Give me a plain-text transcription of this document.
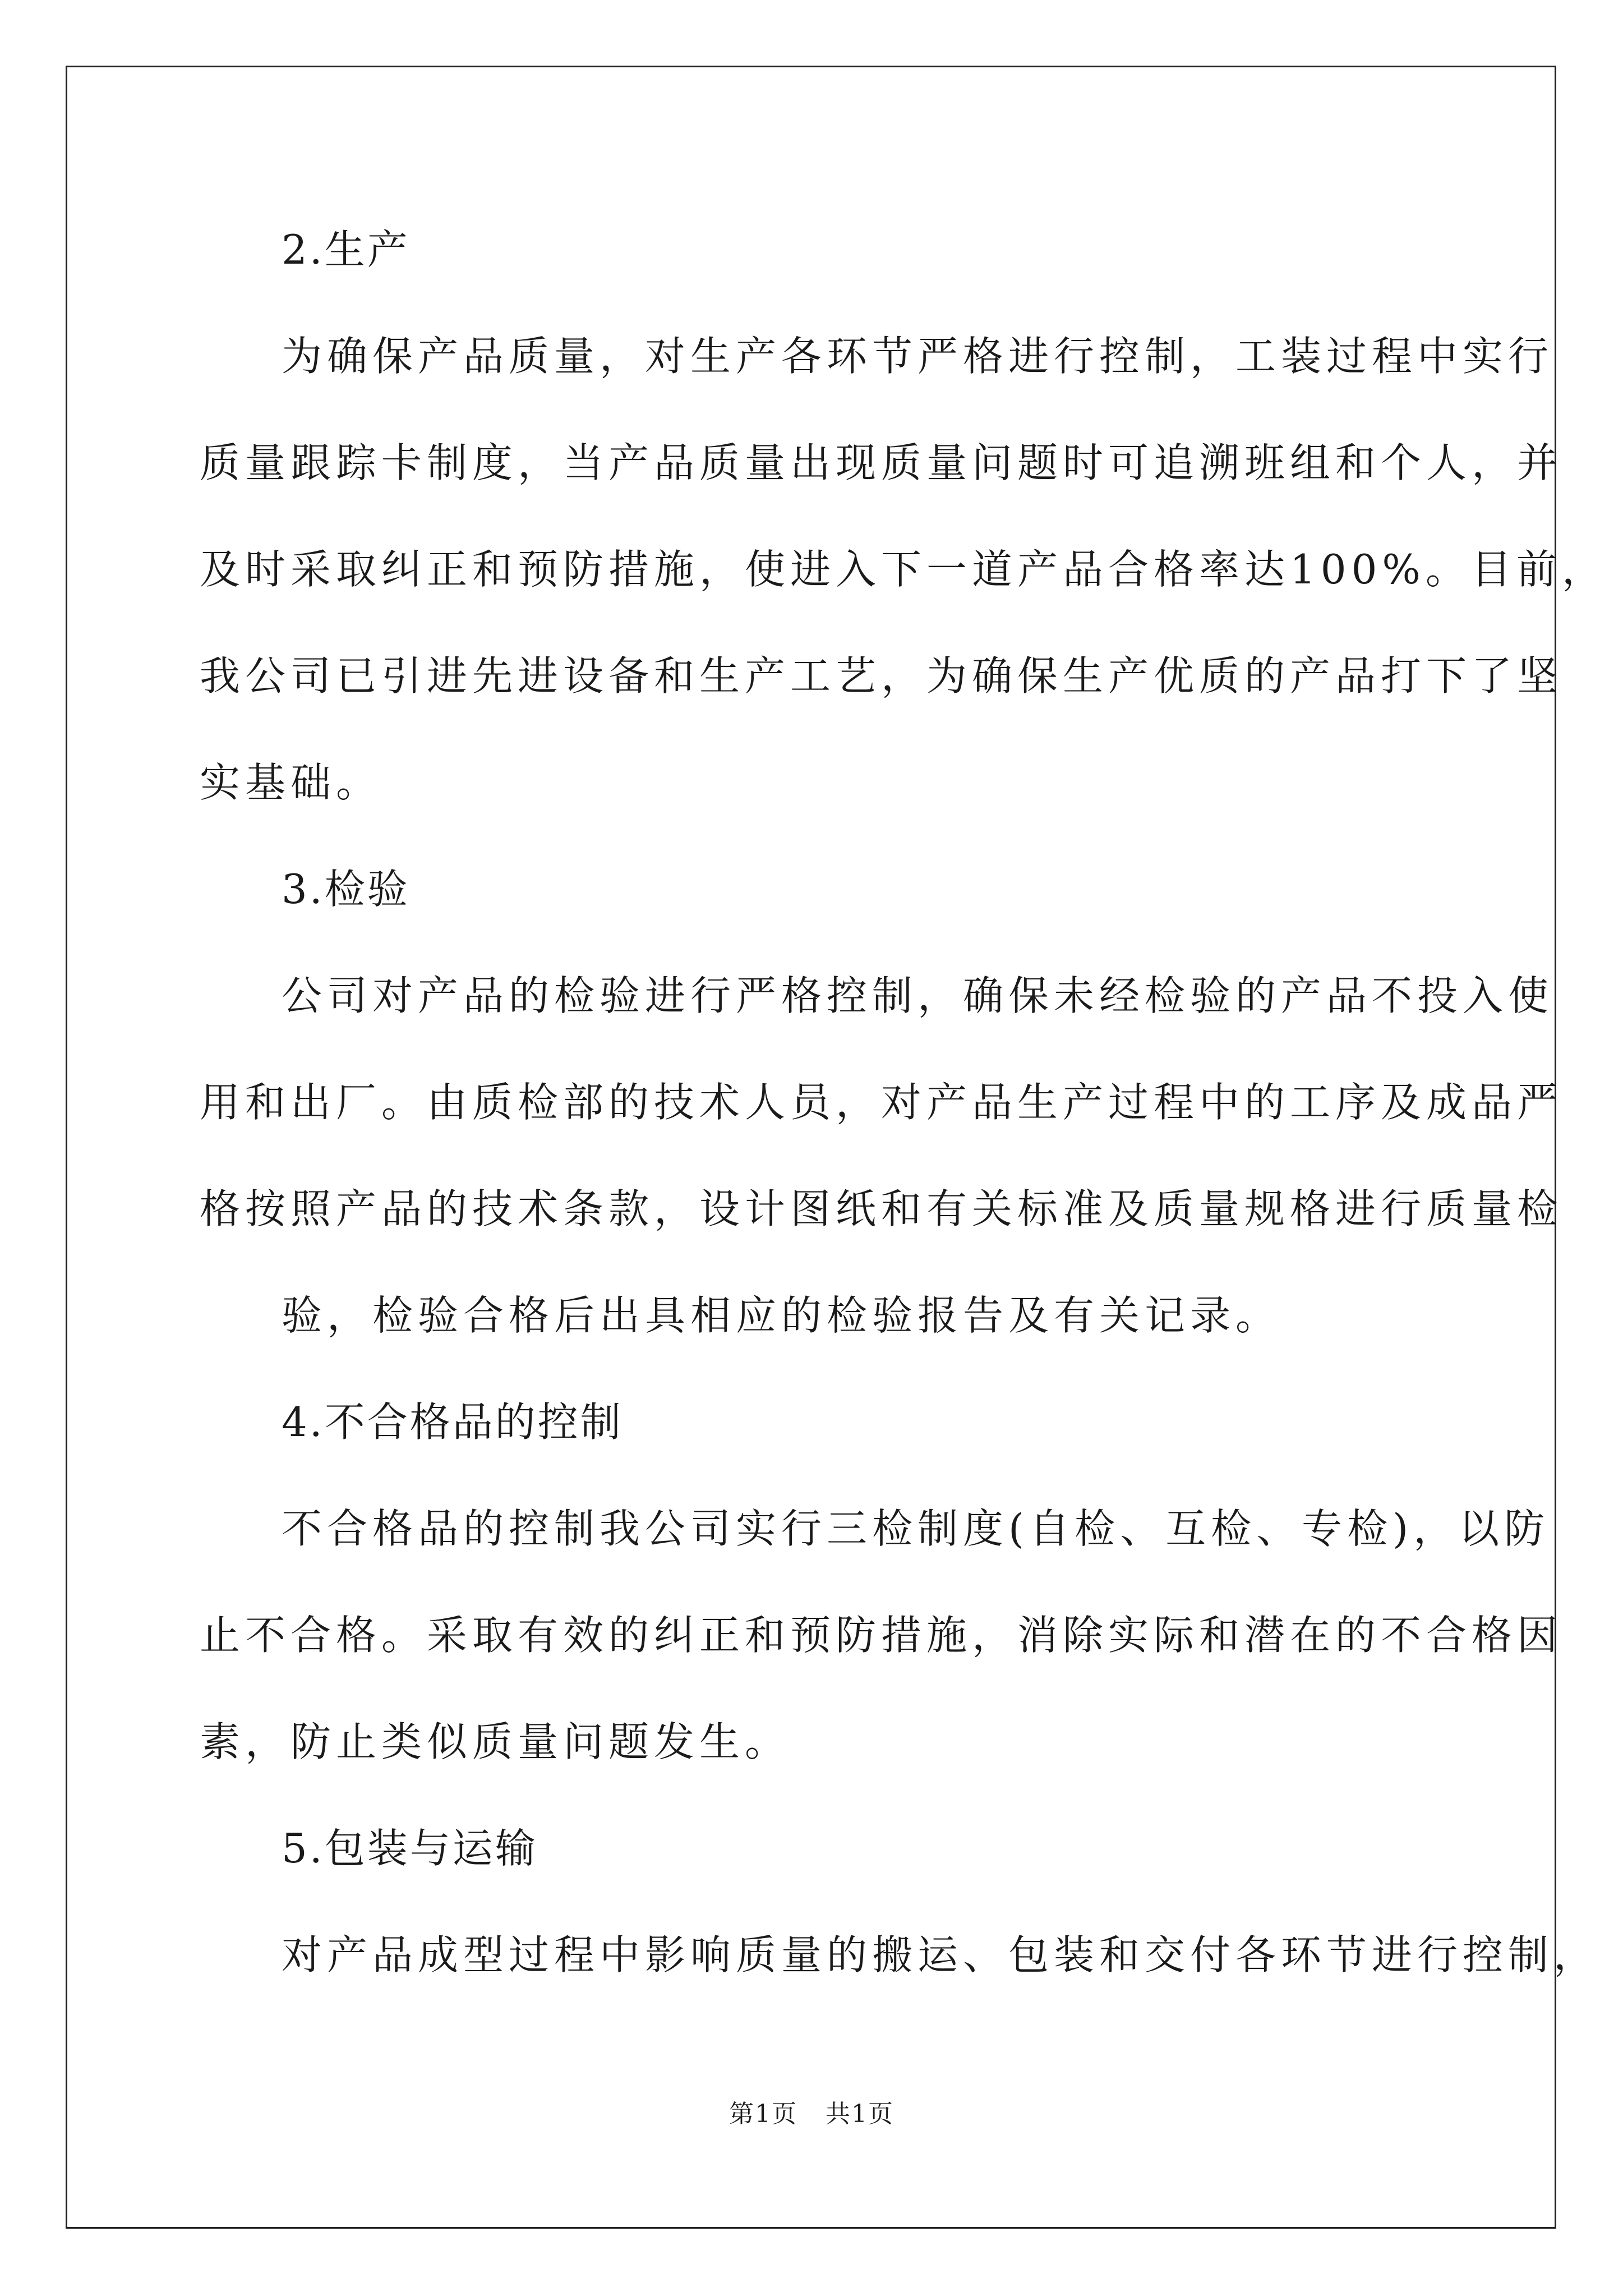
2.生产
为确保产品质量，对生产各环节严格进行控制，工装过程中实行
质量跟踪卡制度，当产品质量出现质量问题时可追溯班组和个人，并
及时采取纠正和预防措施，使进入下一道产品合格率达100%。目前，
我公司已引进先进设备和生产工艺，为确保生产优质的产品打下了坚
实基础。
3.检验
公司对产品的检验进行严格控制，确保未经检验的产品不投入使
用和出厂。由质检部的技术人员，对产品生产过程中的工序及成品严
格按照产品的技术条款，设计图纸和有关标准及质量规格进行质量检
验，检验合格后出具相应的检验报告及有关记录。
4.不合格品的控制
不合格品的控制我公司实行三检制度(自检、互检、专检)，以防
止不合格。采取有效的纠正和预防措施，消除实际和潜在的不合格因
素，防止类似质量问题发生。
5.包装与运输
对产品成型过程中影响质量的搬运、包装和交付各环节进行控制，
第1页 共1页
